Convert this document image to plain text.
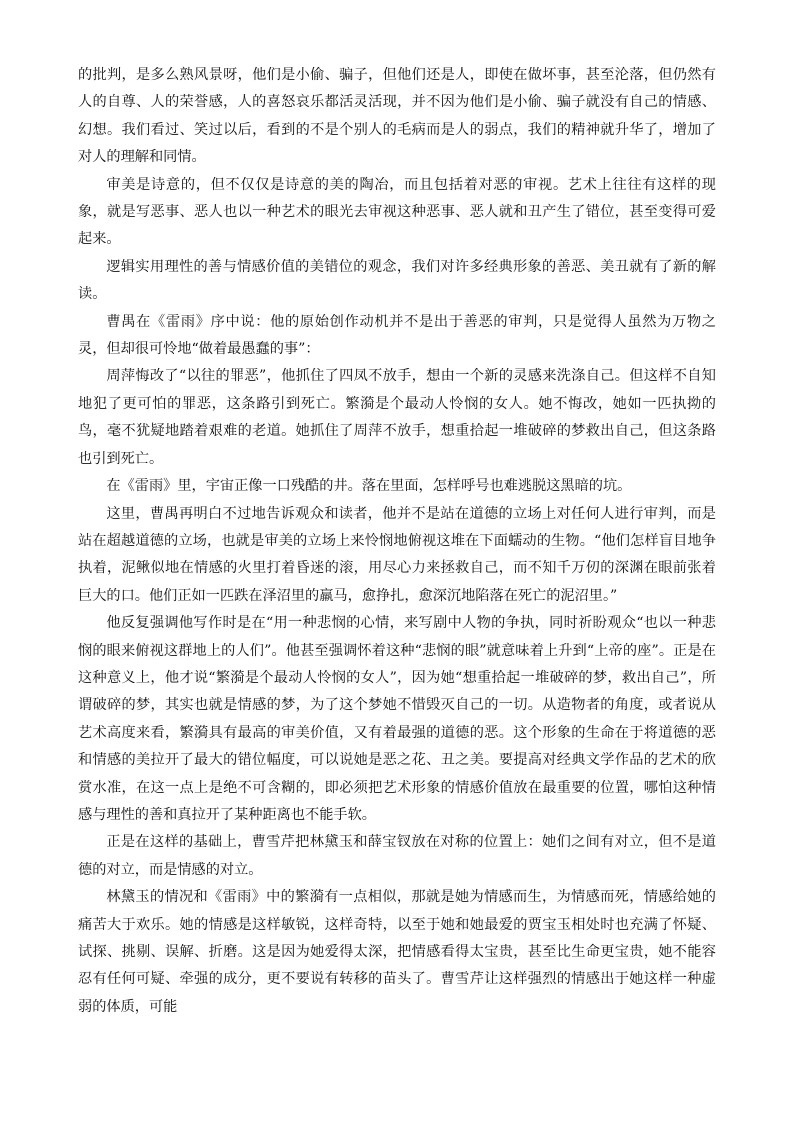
的批判，是多么熟风景呀，他们是小偷、骗子，但他们还是人，即使在做坏事，甚至沦落，但仍然有人的自尊、人的荣誉感，人的喜怒哀乐都活灵活现，并不因为他们是小偷、骗子就没有自己的情感、幻想。我们看过、笑过以后，看到的不是个别人的毛病而是人的弱点，我们的精神就升华了，增加了对人的理解和同情。

审美是诗意的，但不仅仅是诗意的美的陶冶，而且包括着对恶的审视。艺术上往往有这样的现象，就是写恶事、恶人也以一种艺术的眼光去审视这种恶事、恶人就和丑产生了错位，甚至变得可爱起来。

逻辑实用理性的善与情感价值的美错位的观念，我们对许多经典形象的善恶、美丑就有了新的解读。

曹禺在《雷雨》序中说：他的原始创作动机并不是出于善恶的审判，只是觉得人虽然为万物之灵，但却很可怜地“做着最愚蠢的事”：

周萍悔改了“以往的罪恶”，他抓住了四凤不放手，想由一个新的灵感来洗涤自己。但这样不自知地犯了更可怕的罪恶，这条路引到死亡。繁漪是个最动人怜悯的女人。她不悔改，她如一匹执拗的鸟，毫不犹疑地踏着艰难的老道。她抓住了周萍不放手，想重拾起一堆破碎的梦救出自己，但这条路也引到死亡。

在《雷雨》里，宇宙正像一口残酷的井。落在里面，怎样呼号也难逃脱这黑暗的坑。

这里，曹禺再明白不过地告诉观众和读者，他并不是站在道德的立场上对任何人进行审判，而是站在超越道德的立场，也就是审美的立场上来怜悯地俯视这堆在下面蠕动的生物。“他们怎样盲目地争执着，泥鳅似地在情感的火里打着昏迷的滚，用尽心力来拯救自己，而不知千万仞的深渊在眼前张着巨大的口。他们正如一匹跌在泽沼里的羸马，愈挣扎，愈深沉地陷落在死亡的泥沼里。”

他反复强调他写作时是在“用一种悲悯的心情，来写剧中人物的争执，同时祈盼观众“也以一种悲悯的眼来俯视这群地上的人们”。他甚至强调怀着这种“悲悯的眼”就意味着上升到“上帝的座”。正是在这种意义上，他才说“繁漪是个最动人怜悯的女人”，因为她“想重拾起一堆破碎的梦，救出自己”，所谓破碎的梦，其实也就是情感的梦，为了这个梦她不惜毁灭自己的一切。从造物者的角度，或者说从艺术高度来看，繁漪具有最高的审美价值，又有着最强的道德的恶。这个形象的生命在于将道德的恶和情感的美拉开了最大的错位幅度，可以说她是恶之花、丑之美。要提高对经典文学作品的艺术的欣赏水准，在这一点上是绝不可含糊的，即必须把艺术形象的情感价值放在最重要的位置，哪怕这种情感与理性的善和真拉开了某种距离也不能手软。

正是在这样的基础上，曹雪芹把林黛玉和薛宝钗放在对称的位置上：她们之间有对立，但不是道德的对立，而是情感的对立。

林黛玉的情况和《雷雨》中的繁漪有一点相似，那就是她为情感而生，为情感而死，情感给她的痛苦大于欢乐。她的情感是这样敏锐，这样奇特，以至于她和她最爱的贾宝玉相处时也充满了怀疑、试探、挑剔、误解、折磨。这是因为她爱得太深，把情感看得太宝贵，甚至比生命更宝贵，她不能容忍有任何可疑、牵强的成分，更不要说有转移的苗头了。曹雪芹让这样强烈的情感出于她这样一种虚弱的体质，可能
